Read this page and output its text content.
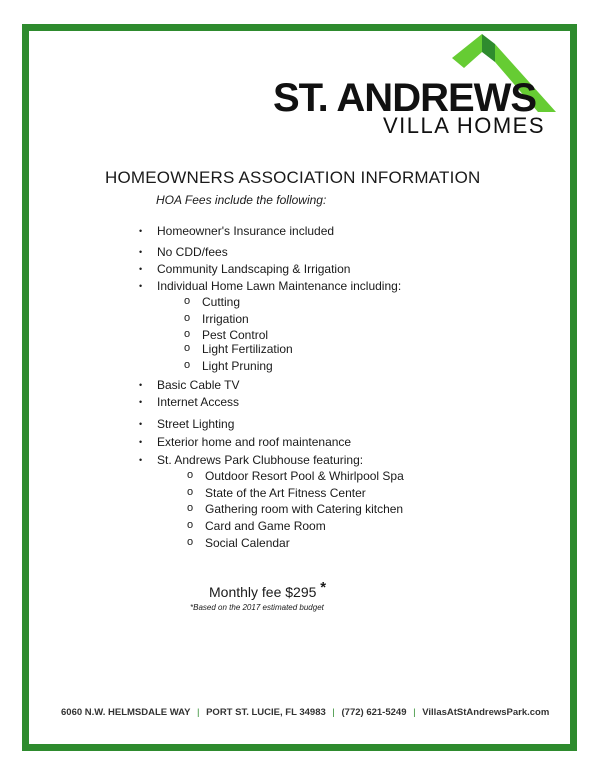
ST. ANDREWS
VILLA HOMES
HOMEOWNERS ASSOCIATION INFORMATION
HOA Fees include the following:
• Homeowner's Insurance included
• No CDD/fees
• Community Landscaping & Irrigation
• Individual Home Lawn Maintenance including:
o Cutting
o Irrigation
o Pest Control
o Light Fertilization
o Light Pruning
• Basic Cable TV
• Internet Access
• Street Lighting
• Exterior home and roof maintenance
• St. Andrews Park Clubhouse featuring:
o Outdoor Resort Pool & Whirlpool Spa
o State of the Art Fitness Center
o Gathering room with Catering kitchen
o Card and Game Room
o Social Calendar
Monthly fee $295 *
*Based on the 2017 estimated budget
6060 N.W. HELMSDALE WAY | PORT ST. LUCIE, FL 34983 | (772) 621-5249 | VillasAtStAndrewsPark.com
